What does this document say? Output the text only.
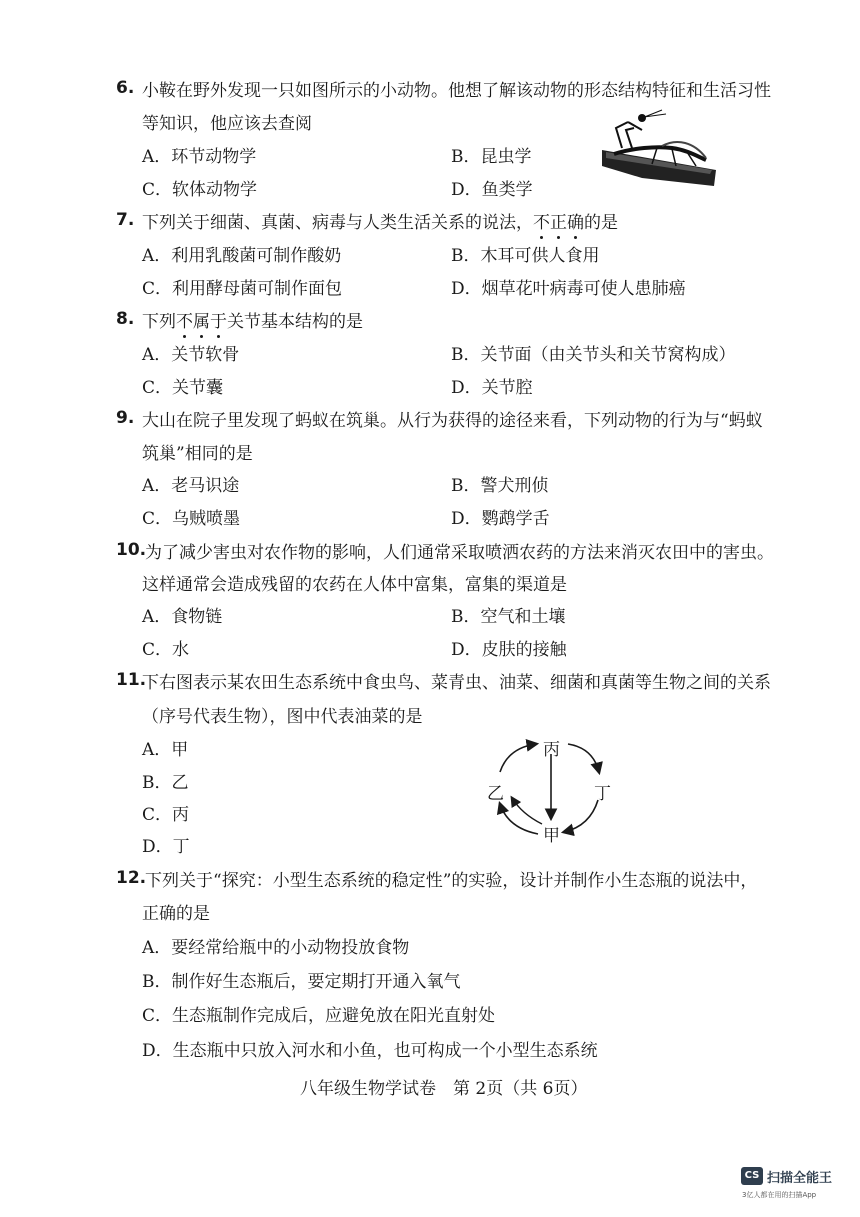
6. 小鞍在野外发现一只如图所示的小动物。他想了解该动物的形态结构特征和生活习性
等知识，他应该去查阅
A．环节动物学	B．昆虫学
C．软体动物学	D．鱼类学
7. 下列关于细菌、真菌、病毒与人类生活关系的说法，不正确的是
A．利用乳酸菌可制作酸奶	B．木耳可供人食用
C．利用酵母菌可制作面包	D．烟草花叶病毒可使人患肺癌
8. 下列不属于关节基本结构的是
A．关节软骨	B．关节面（由关节头和关节窝构成）
C．关节囊	D．关节腔
9. 大山在院子里发现了蚂蚁在筑巢。从行为获得的途径来看，下列动物的行为与“蚂蚁
筑巢”相同的是
A．老马识途	B．警犬刑侦
C．乌贼喷墨	D．鹦鹉学舌
10.
为了减少害虫对农作物的影响，人们通常采取喷洒农药的方法来消灭农田中的害虫。
这样通常会造成残留的农药在人体中富集，富集的渠道是
A．食物链	B．空气和土壤
C．水	D．皮肤的接触
11.
下右图表示某农田生态系统中食虫鸟、菜青虫、油菜、细菌和真菌等生物之间的关系
（序号代表生物），图中代表油菜的是
A．甲
B．乙
C．丙
D．丁
丙
乙	丁
甲
12.
下列关于“探究：小型生态系统的稳定性”的实验，设计并制作小生态瓶的说法中，
正确的是
A．要经常给瓶中的小动物投放食物
B．制作好生态瓶后，要定期打开通入氧气
C．生态瓶制作完成后，应避免放在阳光直射处
D．生态瓶中只放入河水和小鱼，也可构成一个小型生态系统
八年级生物学试卷　第 2页（共 6页）
CS 扫描全能王
3亿人都在用的扫描App
